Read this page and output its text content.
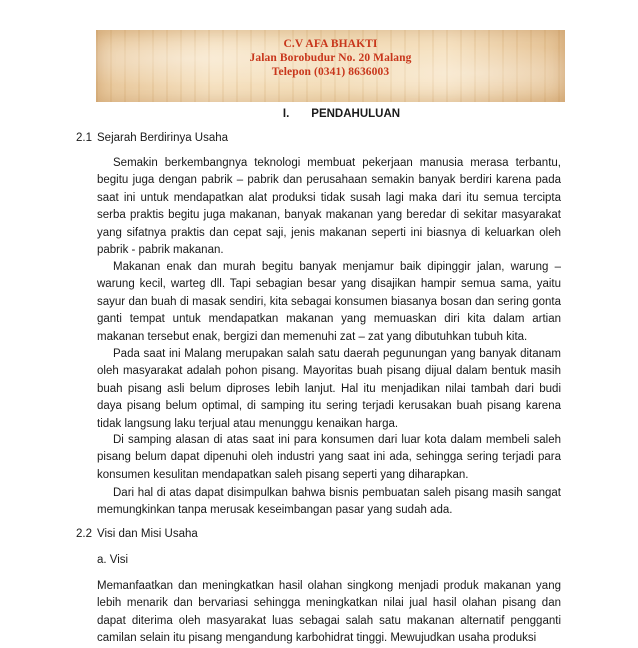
C.V AFA BHAKTI
Jalan Borobudur No. 20 Malang
Telepon (0341) 8636003
I. PENDAHULUAN
2.1 Sejarah Berdirinya Usaha

Semakin berkembangnya teknologi membuat pekerjaan manusia merasa terbantu, begitu juga dengan pabrik – pabrik dan perusahaan semakin banyak berdiri karena pada saat ini untuk mendapatkan alat produksi tidak susah lagi maka dari itu semua tercipta serba praktis begitu juga makanan, banyak makanan yang beredar di sekitar masyarakat yang sifatnya praktis dan cepat saji, jenis makanan seperti ini biasnya di keluarkan oleh pabrik - pabrik makanan.

Makanan enak dan murah begitu banyak menjamur baik dipinggir jalan, warung – warung kecil, warteg dll. Tapi sebagian besar yang disajikan hampir semua sama, yaitu sayur dan buah di masak sendiri, kita sebagai konsumen biasanya bosan dan sering gonta ganti tempat untuk mendapatkan makanan yang memuaskan diri kita dalam artian makanan tersebut enak, bergizi dan memenuhi zat – zat yang dibutuhkan tubuh kita.

Pada saat ini Malang merupakan salah satu daerah pegunungan yang banyak ditanam oleh masyarakat adalah pohon pisang. Mayoritas buah pisang dijual dalam bentuk masih buah pisang asli belum diproses lebih lanjut. Hal itu menjadikan nilai tambah dari budi daya pisang belum optimal, di samping itu sering terjadi kerusakan buah pisang karena tidak langsung laku terjual atau menunggu kenaikan harga.

Di samping alasan di atas saat ini para konsumen dari luar kota dalam membeli saleh pisang belum dapat dipenuhi oleh industri yang saat ini ada, sehingga sering terjadi para konsumen kesulitan mendapatkan saleh pisang seperti yang diharapkan.

Dari hal di atas dapat disimpulkan bahwa bisnis pembuatan saleh pisang masih sangat memungkinkan tanpa merusak keseimbangan pasar yang sudah ada.

2.2 Visi dan Misi Usaha
a. Visi

Memanfaatkan dan meningkatkan hasil olahan singkong menjadi produk makanan yang lebih menarik dan bervariasi sehingga meningkatkan nilai jual hasil olahan pisang dan dapat diterima oleh masyarakat luas sebagai salah satu makanan alternatif pengganti camilan selain itu pisang mengandung karbohidrat tinggi. Mewujudkan usaha produksi
